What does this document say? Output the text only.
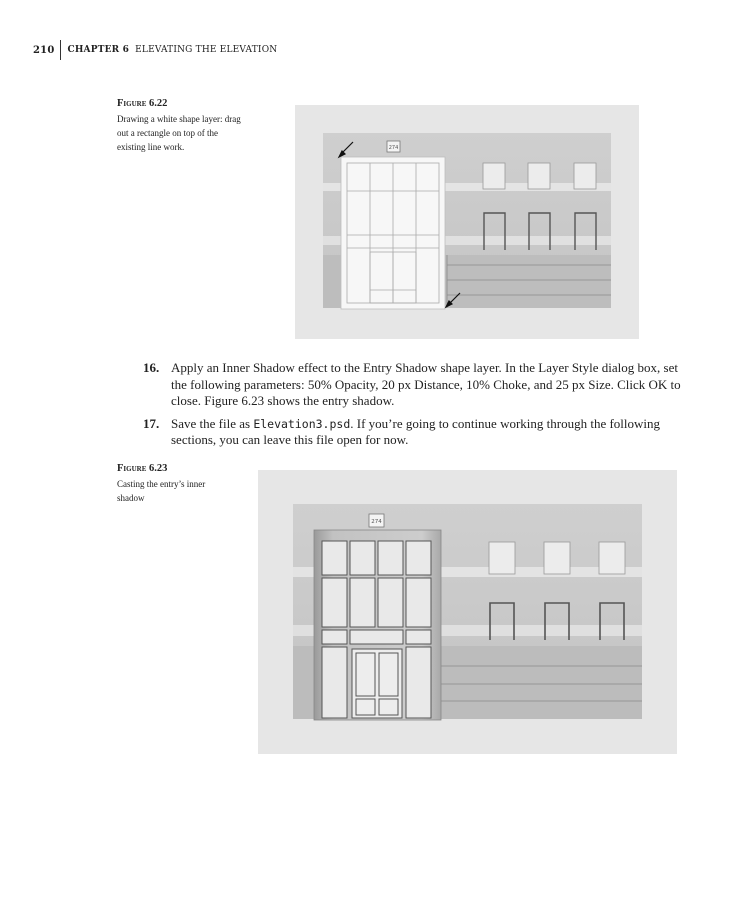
210 CHAPTER 6 ELEVATING THE ELEVATION
Figure 6.22
Drawing a white shape layer: drag out a rectangle on top of the existing line work.	274
16. Apply an Inner Shadow effect to the Entry Shadow shape layer. In the Layer Style dialog box, set the following parameters: 50% Opacity, 20 px Distance, 10% Choke, and 25 px Size. Click OK to close. Figure 6.23 shows the entry shadow.
17. Save the file as Elevation3.psd. If you’re going to continue working through the following sections, you can leave this file open for now.
Figure 6.23
Casting the entry’s inner shadow
274
